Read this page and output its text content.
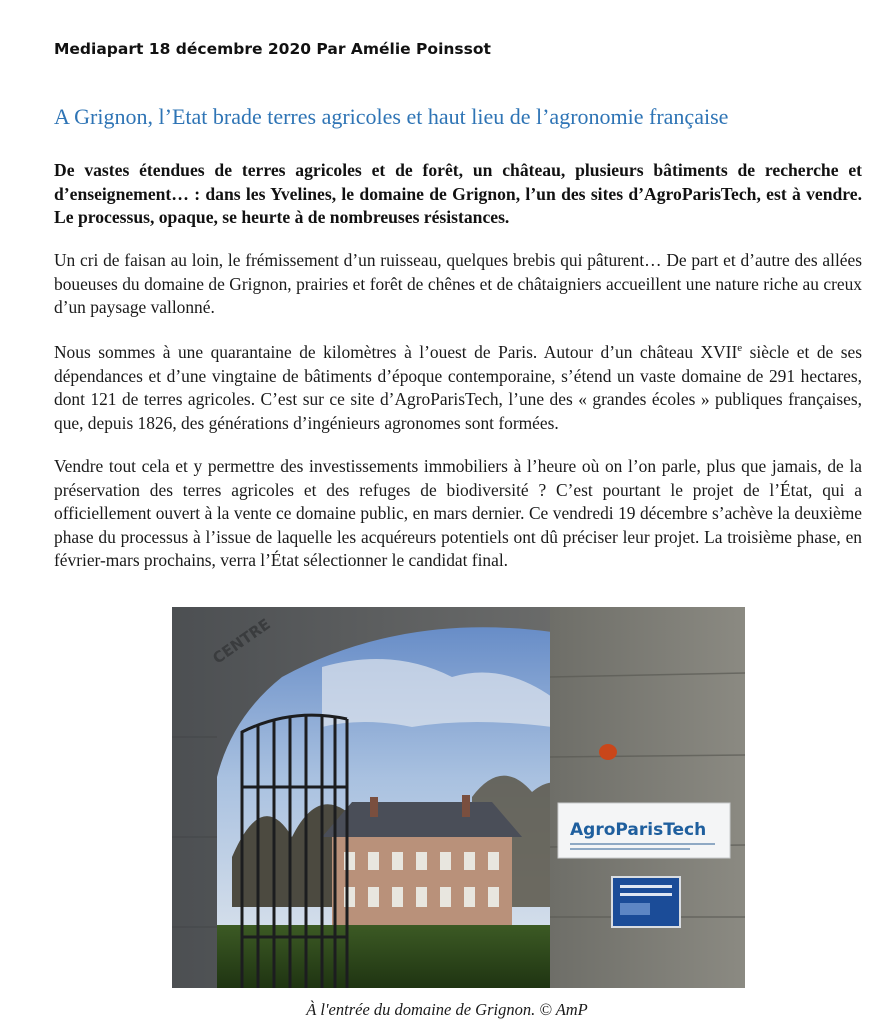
Mediapart 18 décembre 2020 Par Amélie Poinssot
A Grignon, l’Etat brade terres agricoles et haut lieu de l’agronomie française

De vastes étendues de terres agricoles et de forêt, un château, plusieurs bâtiments de recherche et d’enseignement… : dans les Yvelines, le domaine de Grignon, l’un des sites d’AgroParisTech, est à vendre. Le processus, opaque, se heurte à de nombreuses résistances.

Un cri de faisan au loin, le frémissement d’un ruisseau, quelques brebis qui pâturent… De part et d’autre des allées boueuses du domaine de Grignon, prairies et forêt de chênes et de châtaigniers accueillent une nature riche au creux d’un paysage vallonné.

Nous sommes à une quarantaine de kilomètres à l’ouest de Paris. Autour d’un château XVIIe siècle et de ses dépendances et d’une vingtaine de bâtiments d’époque contemporaine, s’étend un vaste domaine de 291 hectares, dont 121 de terres agricoles. C’est sur ce site d’AgroParisTech, l’une des « grandes écoles » publiques françaises, que, depuis 1826, des générations d’ingénieurs agronomes sont formées.

Vendre tout cela et y permettre des investissements immobiliers à l’heure où on l’on parle, plus que jamais, de la préservation des terres agricoles et des refuges de biodiversité ? C’est pourtant le projet de l’État, qui a officiellement ouvert à la vente ce domaine public, en mars dernier. Ce vendredi 19 décembre s’achève la deuxième phase du processus à l’issue de laquelle les acquéreurs potentiels ont dû préciser leur projet. La troisième phase, en février-mars prochains, verra l’État sélectionner le candidat final.

CENTRE
AgroParisTech
À l'entrée du domaine de Grignon. © AmP
